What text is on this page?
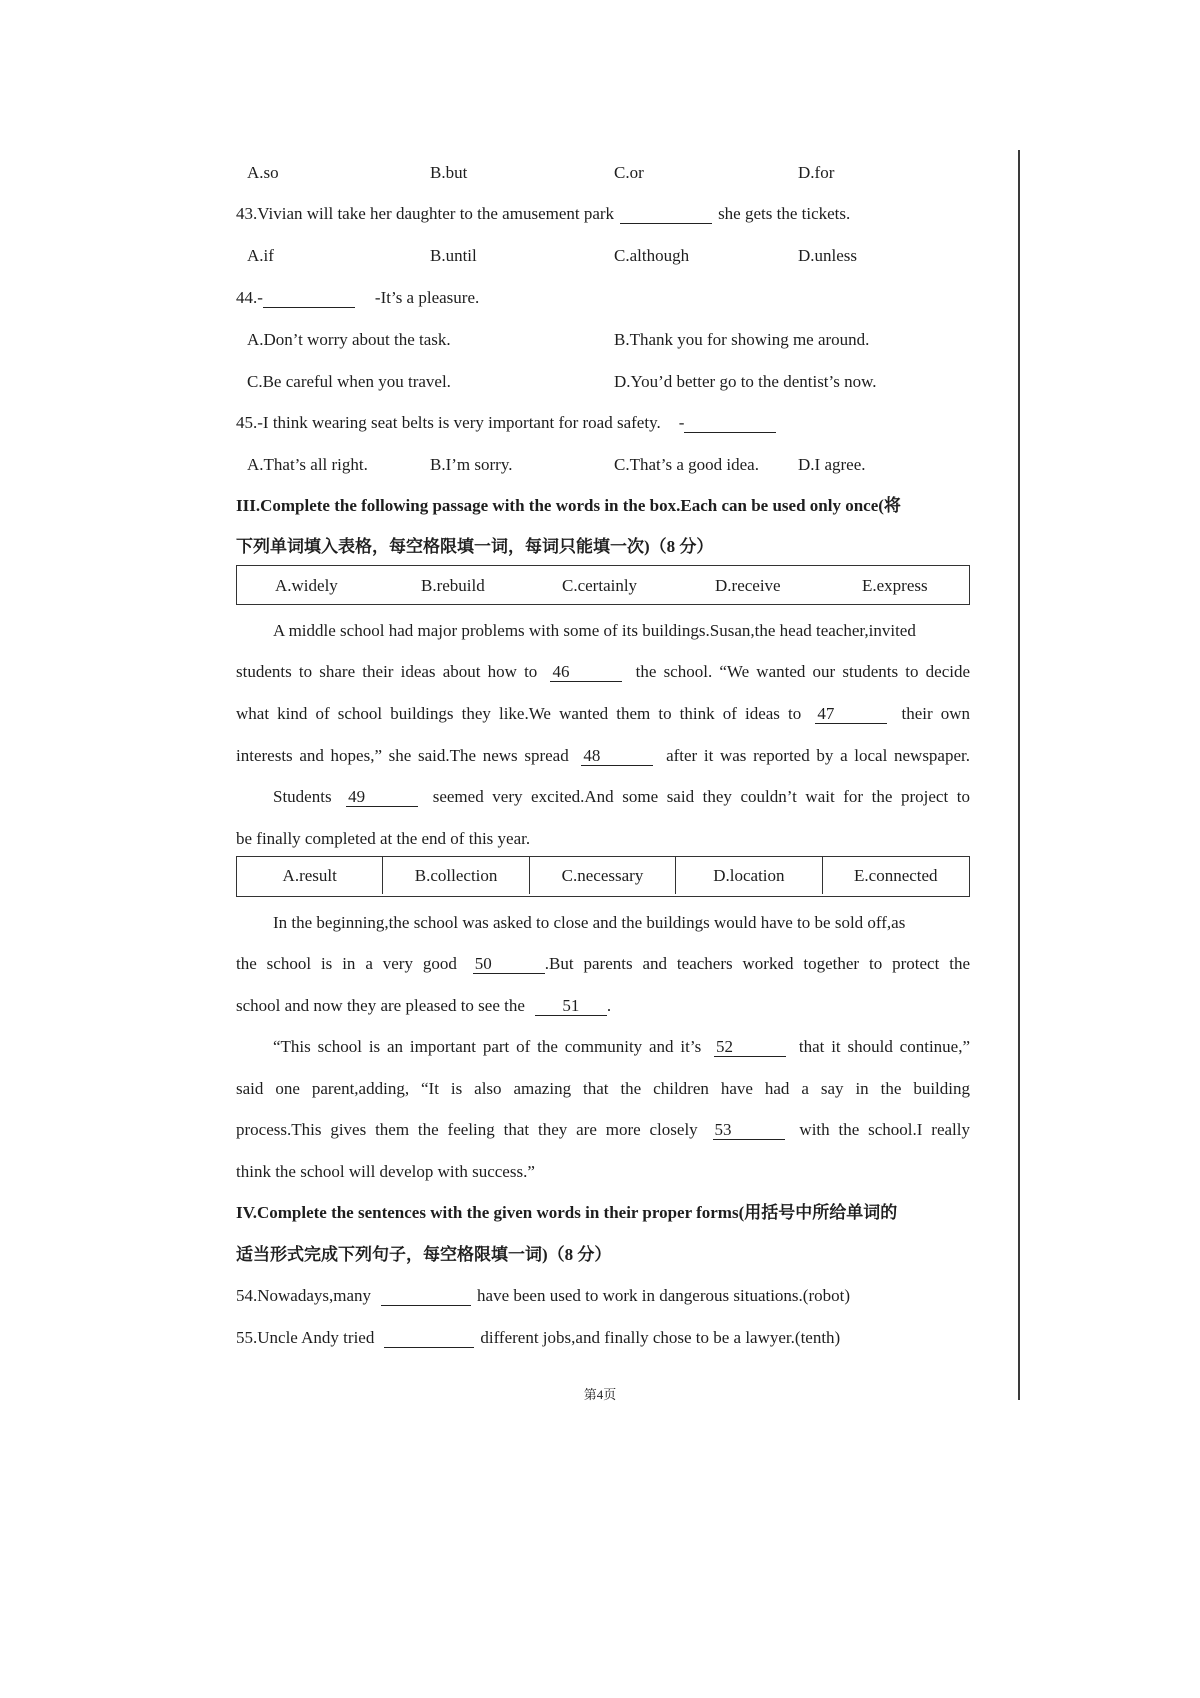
A.so	B.but	C.or	D.for
43.Vivian will take her daughter to the amusement park	she gets the tickets.
A.if	B.until	C.although	D.unless
44.-	-It’s a pleasure.
A.Don’t worry about the task.	B.Thank you for showing me around.
C.Be careful when you travel.	D.You’d better go to the dentist’s now.
45.-I think wearing seat belts is very important for road safety. -
A.That’s all right.	B.I’m sorry.	C.That’s a good idea. D.I agree.
III.Complete the following passage with the words in the box.Each can be used only once(将
下列单词填入表格，每空格限填一词，每词只能填一次)（8 分）
A.widely	B.rebuild	C.certainly	D.receive	E.express
A middle school had major problems with some of its buildings.Susan,the head teacher,invited
students to share their ideas about how to 46	the school. “We wanted our students to decide
what kind of school buildings they like.We wanted them to think of ideas to 47	their own
interests and hopes,” she said.The news spread 48	after it was reported by a local newspaper.
Students 49	seemed very excited.And some said they couldn’t wait for the project to
be finally completed at the end of this year.
A.result	B.collection	C.necessary	D.location	E.connected
In the beginning,the school was asked to close and the buildings would have to be sold off,as
the school is in a very good 50	.But parents and teachers worked together to protect the
school and now they are pleased to see the 51 .
“This school is an important part of the community and it’s 52	that it should continue,”
said one parent,adding, “It is also amazing that the children have had a say in the building
process.This gives them the feeling that they are more closely 53	with the school.I really
think the school will develop with success.”
IV.Complete the sentences with the given words in their proper forms(用括号中所给单词的
适当形式完成下列句子，每空格限填一词)（8 分）
54.Nowadays,many	have been used to work in dangerous situations.(robot)
55.Uncle Andy tried	different jobs,and finally chose to be a lawyer.(tenth)
第4页
